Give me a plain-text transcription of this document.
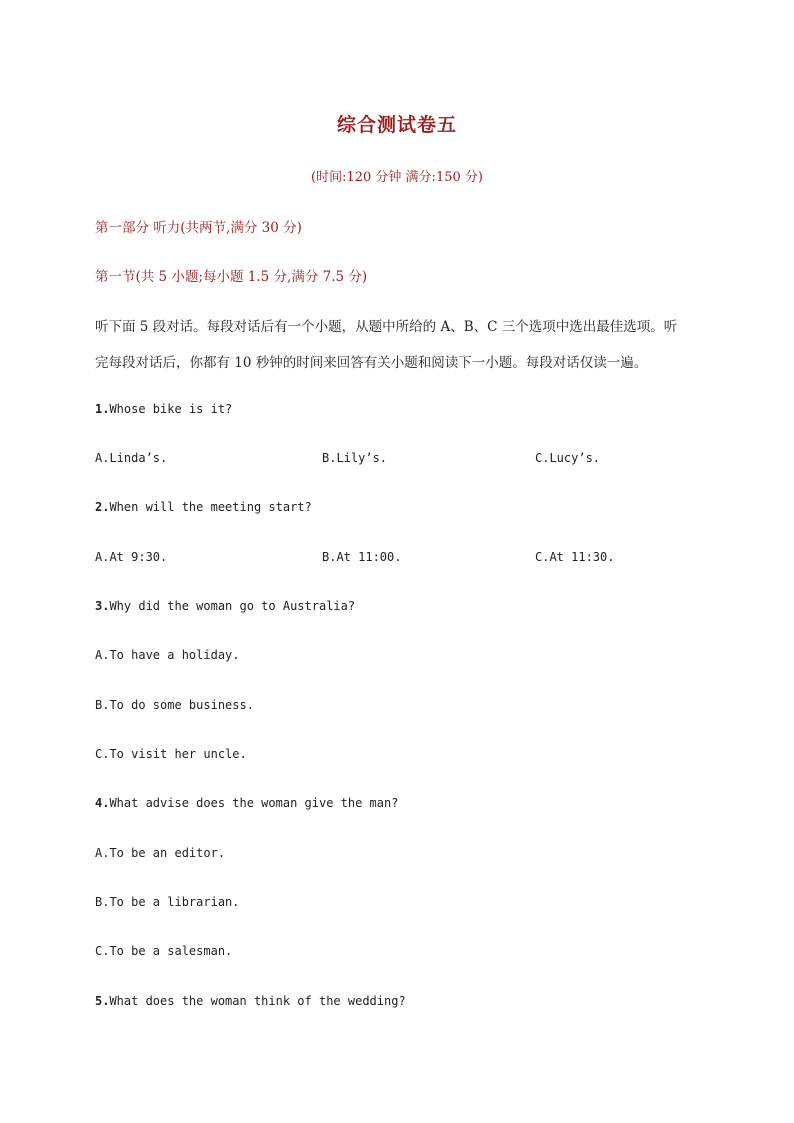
综合测试卷五
(时间:120 分钟 满分:150 分)
第一部分 听力(共两节,满分 30 分)
第一节(共 5 小题;每小题 1.5 分,满分 7.5 分)
听下面 5 段对话。每段对话后有一个小题，从题中所给的 A、B、C 三个选项中选出最佳选项。听
完每段对话后，你都有 10 秒钟的时间来回答有关小题和阅读下一小题。每段对话仅读一遍。
1.Whose bike is it?
A.Linda’s.	B.Lily’s.	C.Lucy’s.
2.When will the meeting start?
A.At 9:30.	B.At 11:00.	C.At 11:30.
3.Why did the woman go to Australia?
A.To have a holiday.
B.To do some business.
C.To visit her uncle.
4.What advise does the woman give the man?
A.To be an editor.
B.To be a librarian.
C.To be a salesman.
5.What does the woman think of the wedding?
